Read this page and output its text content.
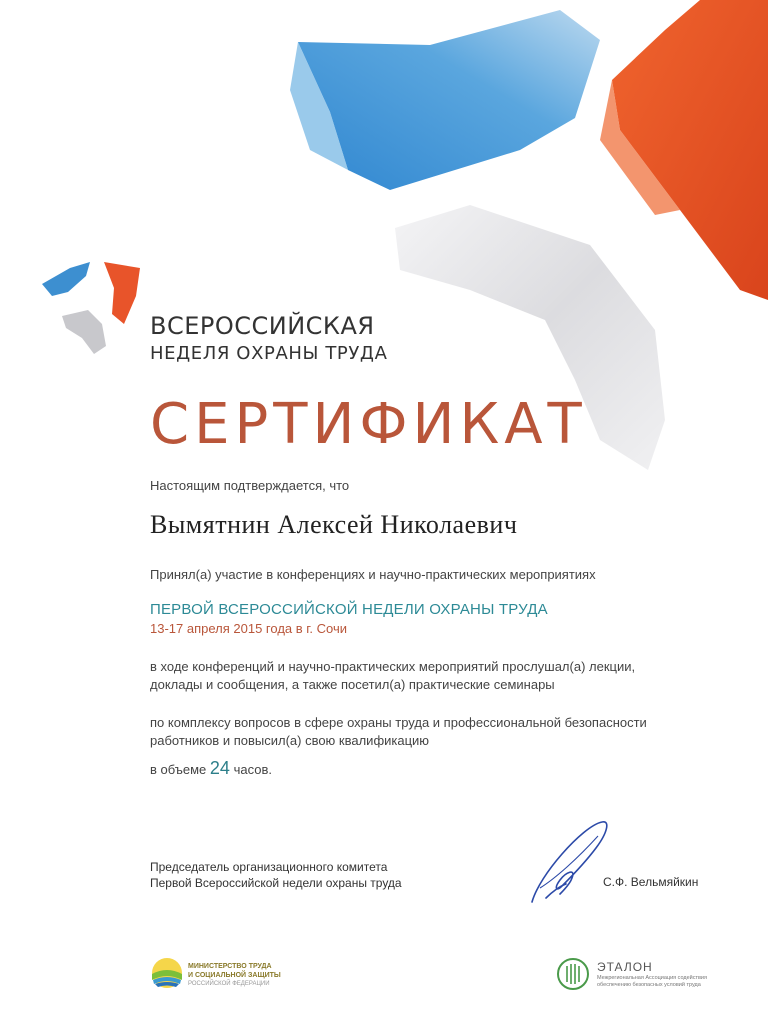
ВСЕРОССИЙСКАЯ
НЕДЕЛЯ ОХРАНЫ ТРУДА
СЕРТИФИКАТ
Настоящим подтверждается, что
Вымятнин Алексей Николаевич
Принял(а) участие в конференциях и научно-практических мероприятиях
ПЕРВОЙ ВСЕРОССИЙСКОЙ НЕДЕЛИ ОХРАНЫ ТРУДА
13-17 апреля 2015 года в г. Сочи
в ходе конференций и научно-практических мероприятий прослушал(а) лекции,
доклады и сообщения, а также посетил(а) практические семинары
по комплексу вопросов в сфере охраны труда и профессиональной безопасности
работников и повысил(а) свою квалификацию
в объеме 24 часов.
Председатель организационного комитета
Первой Всероссийской недели охраны труда	С.Ф. Вельмяйкин
МИНИСТЕРСТВО ТРУДА
И СОЦИАЛЬНОЙ ЗАЩИТЫ
РОССИЙСКОЙ ФЕДЕРАЦИИ
ЭТАЛОН
Межрегиональная Ассоциация содействия
обеспечению безопасных условий труда
